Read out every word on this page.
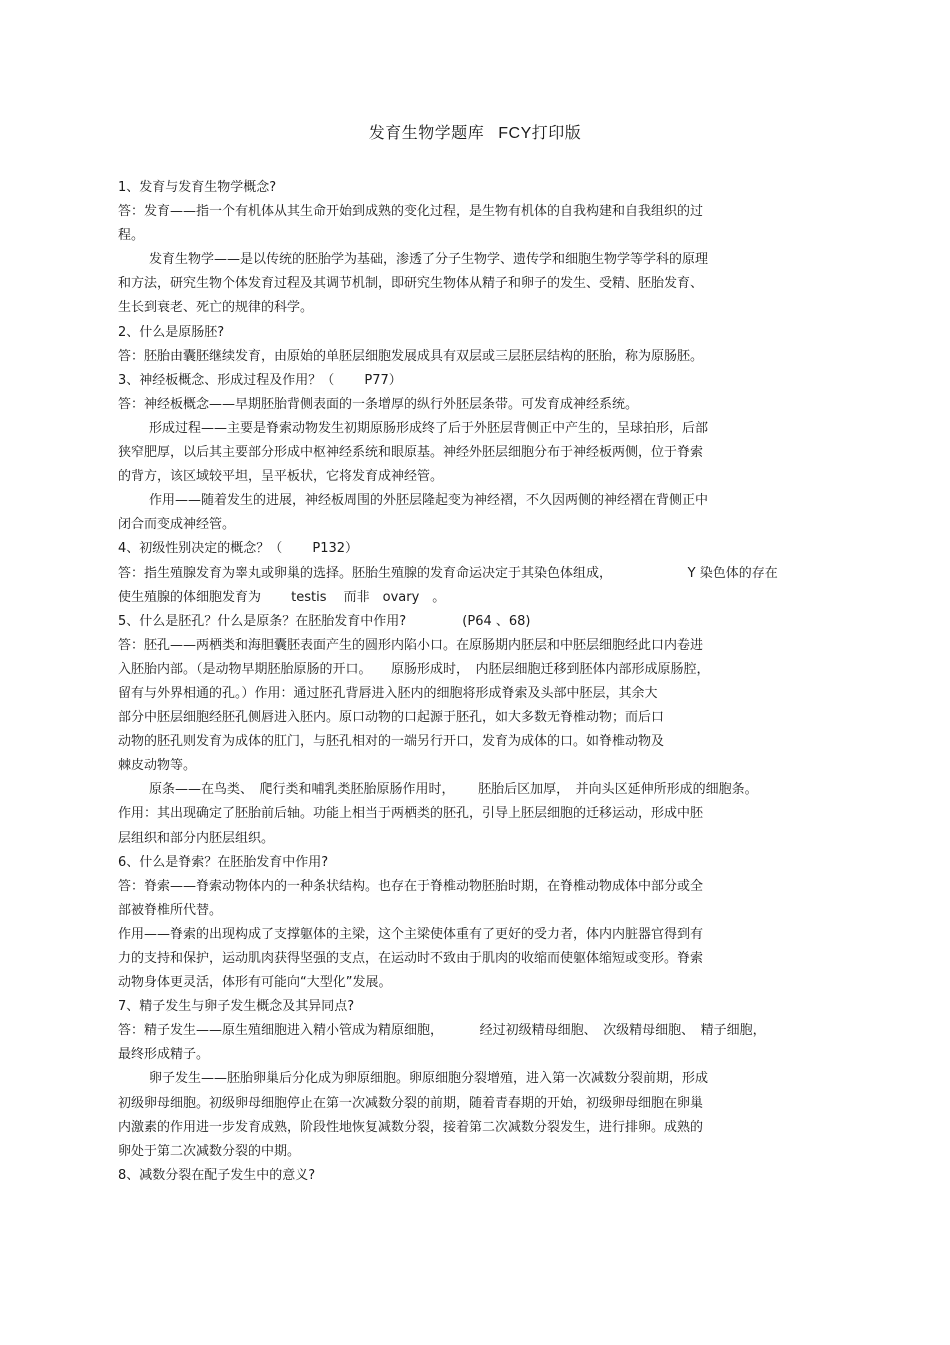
发育生物学题库 FCY打印版
1、发育与发育生物学概念?
答：发育——指一个有机体从其生命开始到成熟的变化过程，是生物有机体的自我构建和自我组织的过
程。
发育生物学——是以传统的胚胎学为基础，渗透了分子生物学、遗传学和细胞生物学等学科的原理
和方法，研究生物个体发育过程及其调节机制，即研究生物体从精子和卵子的发生、受精、胚胎发育、
生长到衰老、死亡的规律的科学。
2、什么是原肠胚?
答：胚胎由囊胚继续发育，由原始的单胚层细胞发展成具有双层或三层胚层结构的胚胎，称为原肠胚。
3、神经板概念、形成过程及作用？（　　 P77）
答：神经板概念——早期胚胎背侧表面的一条增厚的纵行外胚层条带。可发育成神经系统。
形成过程——主要是脊索动物发生初期原肠形成终了后于外胚层背侧正中产生的，呈球拍形，后部
狭窄肥厚，以后其主要部分形成中枢神经系统和眼原基。神经外胚层细胞分布于神经板两侧，位于脊索
的背方，该区域较平坦，呈平板状，它将发育成神经管。
作用——随着发生的进展，神经板周围的外胚层隆起变为神经褶，不久因两侧的神经褶在背侧正中
闭合而变成神经管。
4、初级性别决定的概念？（　　 P132）
答：指生殖腺发育为睾丸或卵巢的选择。胚胎生殖腺的发育命运决定于其染色体组成，　　　　　　 Y 染色体的存在
使生殖腺的体细胞发育为　　 testis　 而非　ovary　。
5、什么是胚孔？什么是原条？在胚胎发育中作用?　　　　 (P64 、68)
答：胚孔——两栖类和海胆囊胚表面产生的圆形内陷小口。在原肠期内胚层和中胚层细胞经此口内卷进
入胚胎内部。（是动物早期胚胎原肠的开口。　　原肠形成时，　内胚层细胞迁移到胚体内部形成原肠腔，
留有与外界相通的孔。）作用：通过胚孔背唇进入胚内的细胞将形成脊索及头部中胚层，其余大
部分中胚层细胞经胚孔侧唇进入胚内。原口动物的口起源于胚孔，如大多数无脊椎动物；而后口
动物的胚孔则发育为成体的肛门，与胚孔相对的一端另行开口，发育为成体的口。如脊椎动物及
棘皮动物等。
原条——在鸟类、　爬行类和哺乳类胚胎原肠作用时，　　 胚胎后区加厚，　并向头区延伸所形成的细胞条。
作用：其出现确定了胚胎前后轴。功能上相当于两栖类的胚孔，引导上胚层细胞的迁移运动，形成中胚
层组织和部分内胚层组织。
6、什么是脊索？在胚胎发育中作用?
答：脊索——脊索动物体内的一种条状结构。也存在于脊椎动物胚胎时期，在脊椎动物成体中部分或全
部被脊椎所代替。
作用——脊索的出现构成了支撑躯体的主梁，这个主梁使体重有了更好的受力者，体内内脏器官得到有
力的支持和保护，运动肌肉获得坚强的支点，在运动时不致由于肌肉的收缩而使躯体缩短或变形。脊索
动物身体更灵活，体形有可能向“大型化”发展。
7、精子发生与卵子发生概念及其异同点?
答：精子发生——原生殖细胞进入精小管成为精原细胞，　　　 经过初级精母细胞、　次级精母细胞、　精子细胞，
最终形成精子。
卵子发生——胚胎卵巢后分化成为卵原细胞。卵原细胞分裂增殖，进入第一次减数分裂前期，形成
初级卵母细胞。初级卵母细胞停止在第一次减数分裂的前期，随着青春期的开始，初级卵母细胞在卵巢
内激素的作用进一步发育成熟，阶段性地恢复减数分裂，接着第二次减数分裂发生，进行排卵。成熟的
卵处于第二次减数分裂的中期。
8、减数分裂在配子发生中的意义?
